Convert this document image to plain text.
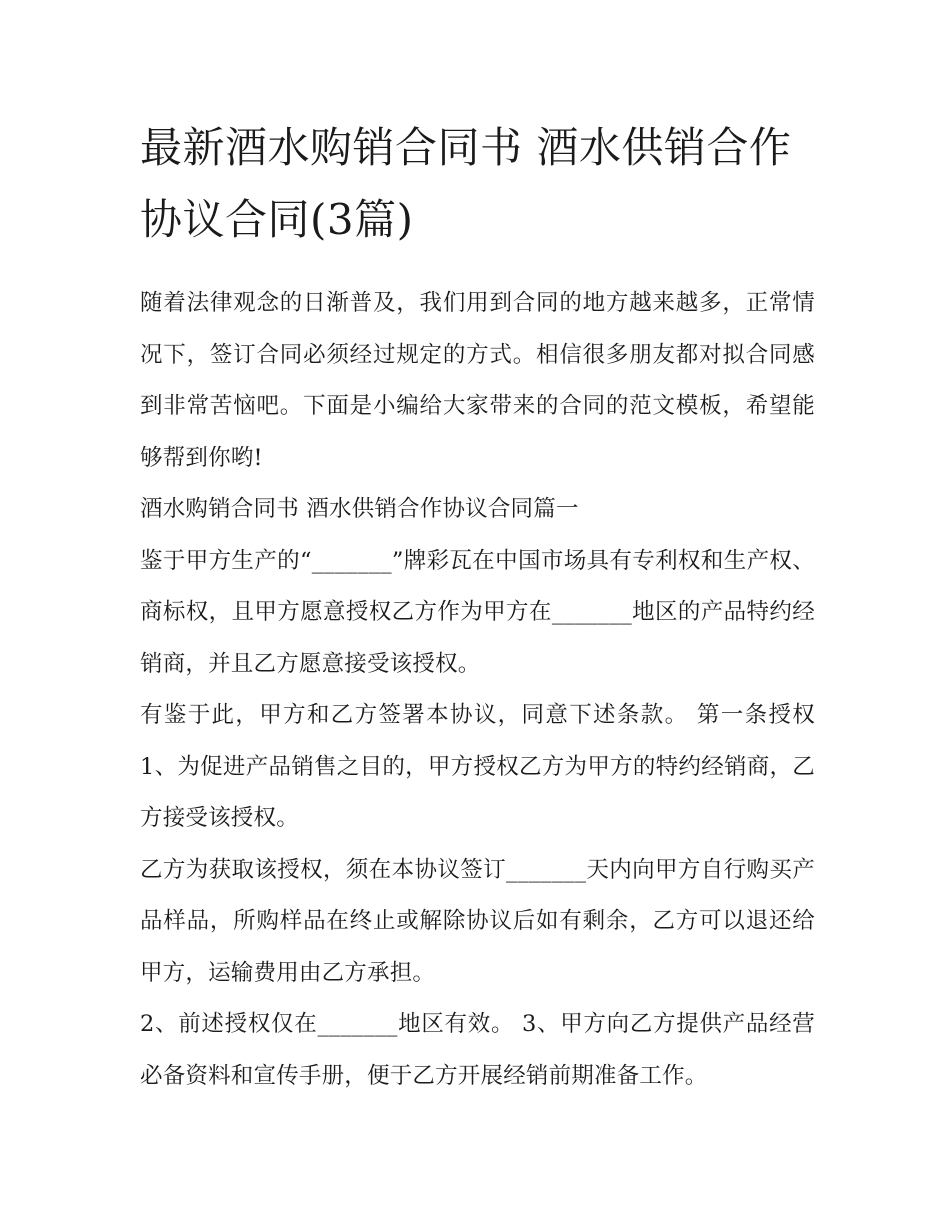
最新酒水购销合同书 酒水供销合作协议合同(3篇)

随着法律观念的日渐普及，我们用到合同的地方越来越多，正常情况下，签订合同必须经过规定的方式。相信很多朋友都对拟合同感到非常苦恼吧。下面是小编给大家带来的合同的范文模板，希望能够帮到你哟!

酒水购销合同书 酒水供销合作协议合同篇一

鉴于甲方生产的“_______”牌彩瓦在中国市场具有专利权和生产权、商标权，且甲方愿意授权乙方作为甲方在_______地区的产品特约经销商，并且乙方愿意接受该授权。

有鉴于此，甲方和乙方签署本协议，同意下述条款。 第一条授权 1、为促进产品销售之目的，甲方授权乙方为甲方的特约经销商，乙方接受该授权。

乙方为获取该授权，须在本协议签订_______天内向甲方自行购买产品样品，所购样品在终止或解除协议后如有剩余，乙方可以退还给甲方，运输费用由乙方承担。

2、前述授权仅在_______地区有效。 3、甲方向乙方提供产品经营必备资料和宣传手册，便于乙方开展经销前期准备工作。
